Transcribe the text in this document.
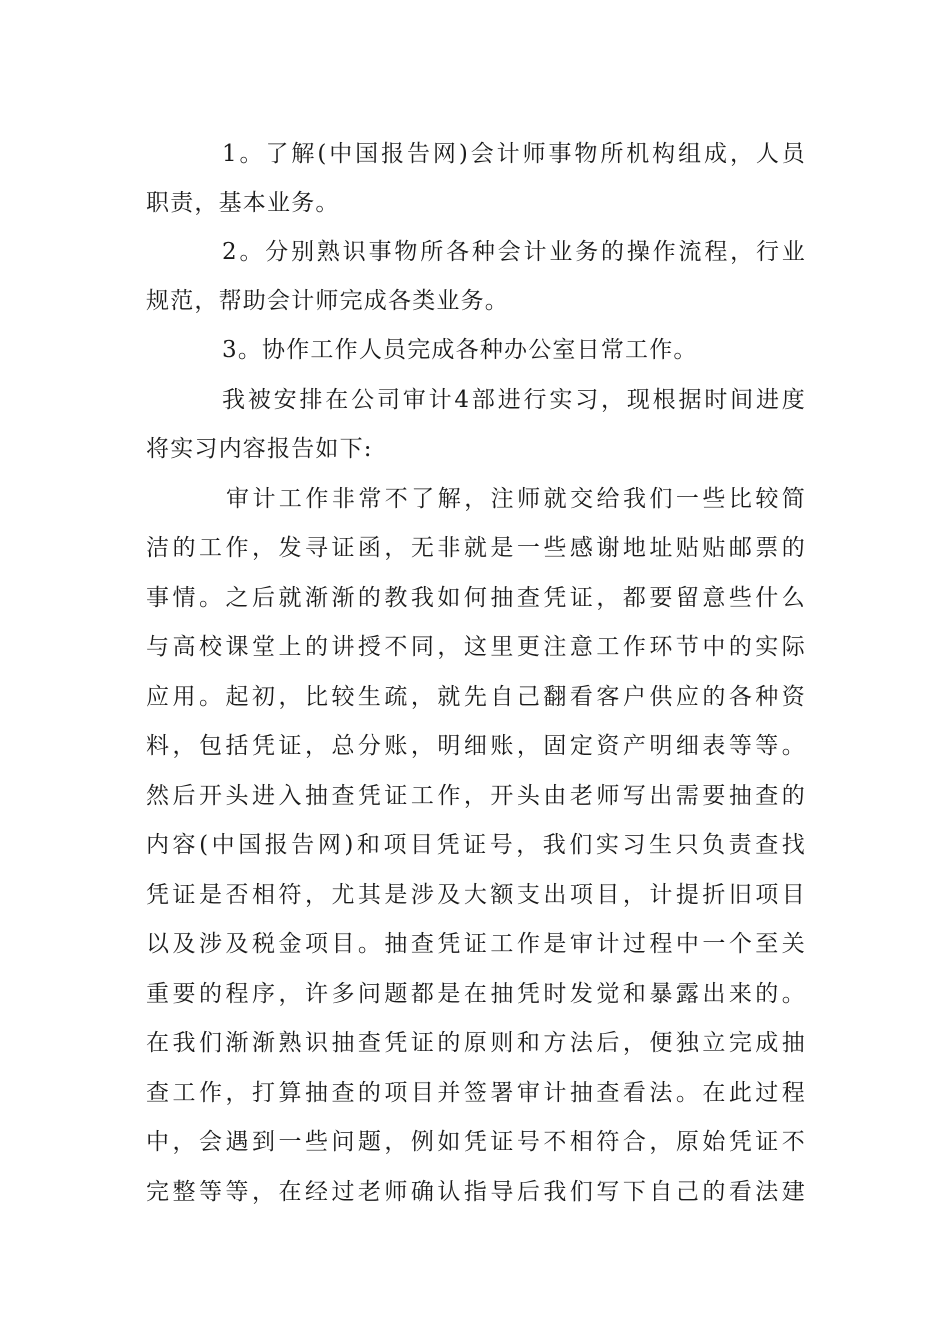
1。了解(中国报告网)会计师事物所机构组成，人员
职责，基本业务。
2。分别熟识事物所各种会计业务的操作流程，行业
规范，帮助会计师完成各类业务。
3。协作工作人员完成各种办公室日常工作。
我被安排在公司审计4部进行实习，现根据时间进度
将实习内容报告如下:
审计工作非常不了解，注师就交给我们一些比较简
洁的工作，发寻证函，无非就是一些感谢地址贴贴邮票的
事情。之后就渐渐的教我如何抽查凭证，都要留意些什么
与高校课堂上的讲授不同，这里更注意工作环节中的实际
应用。起初，比较生疏，就先自己翻看客户供应的各种资
料，包括凭证，总分账，明细账，固定资产明细表等等。
然后开头进入抽查凭证工作，开头由老师写出需要抽查的
内容(中国报告网)和项目凭证号，我们实习生只负责查找
凭证是否相符，尤其是涉及大额支出项目，计提折旧项目
以及涉及税金项目。抽查凭证工作是审计过程中一个至关
重要的程序，许多问题都是在抽凭时发觉和暴露出来的。
在我们渐渐熟识抽查凭证的原则和方法后，便独立完成抽
查工作，打算抽查的项目并签署审计抽查看法。在此过程
中，会遇到一些问题，例如凭证号不相符合，原始凭证不
完整等等，在经过老师确认指导后我们写下自己的看法建
